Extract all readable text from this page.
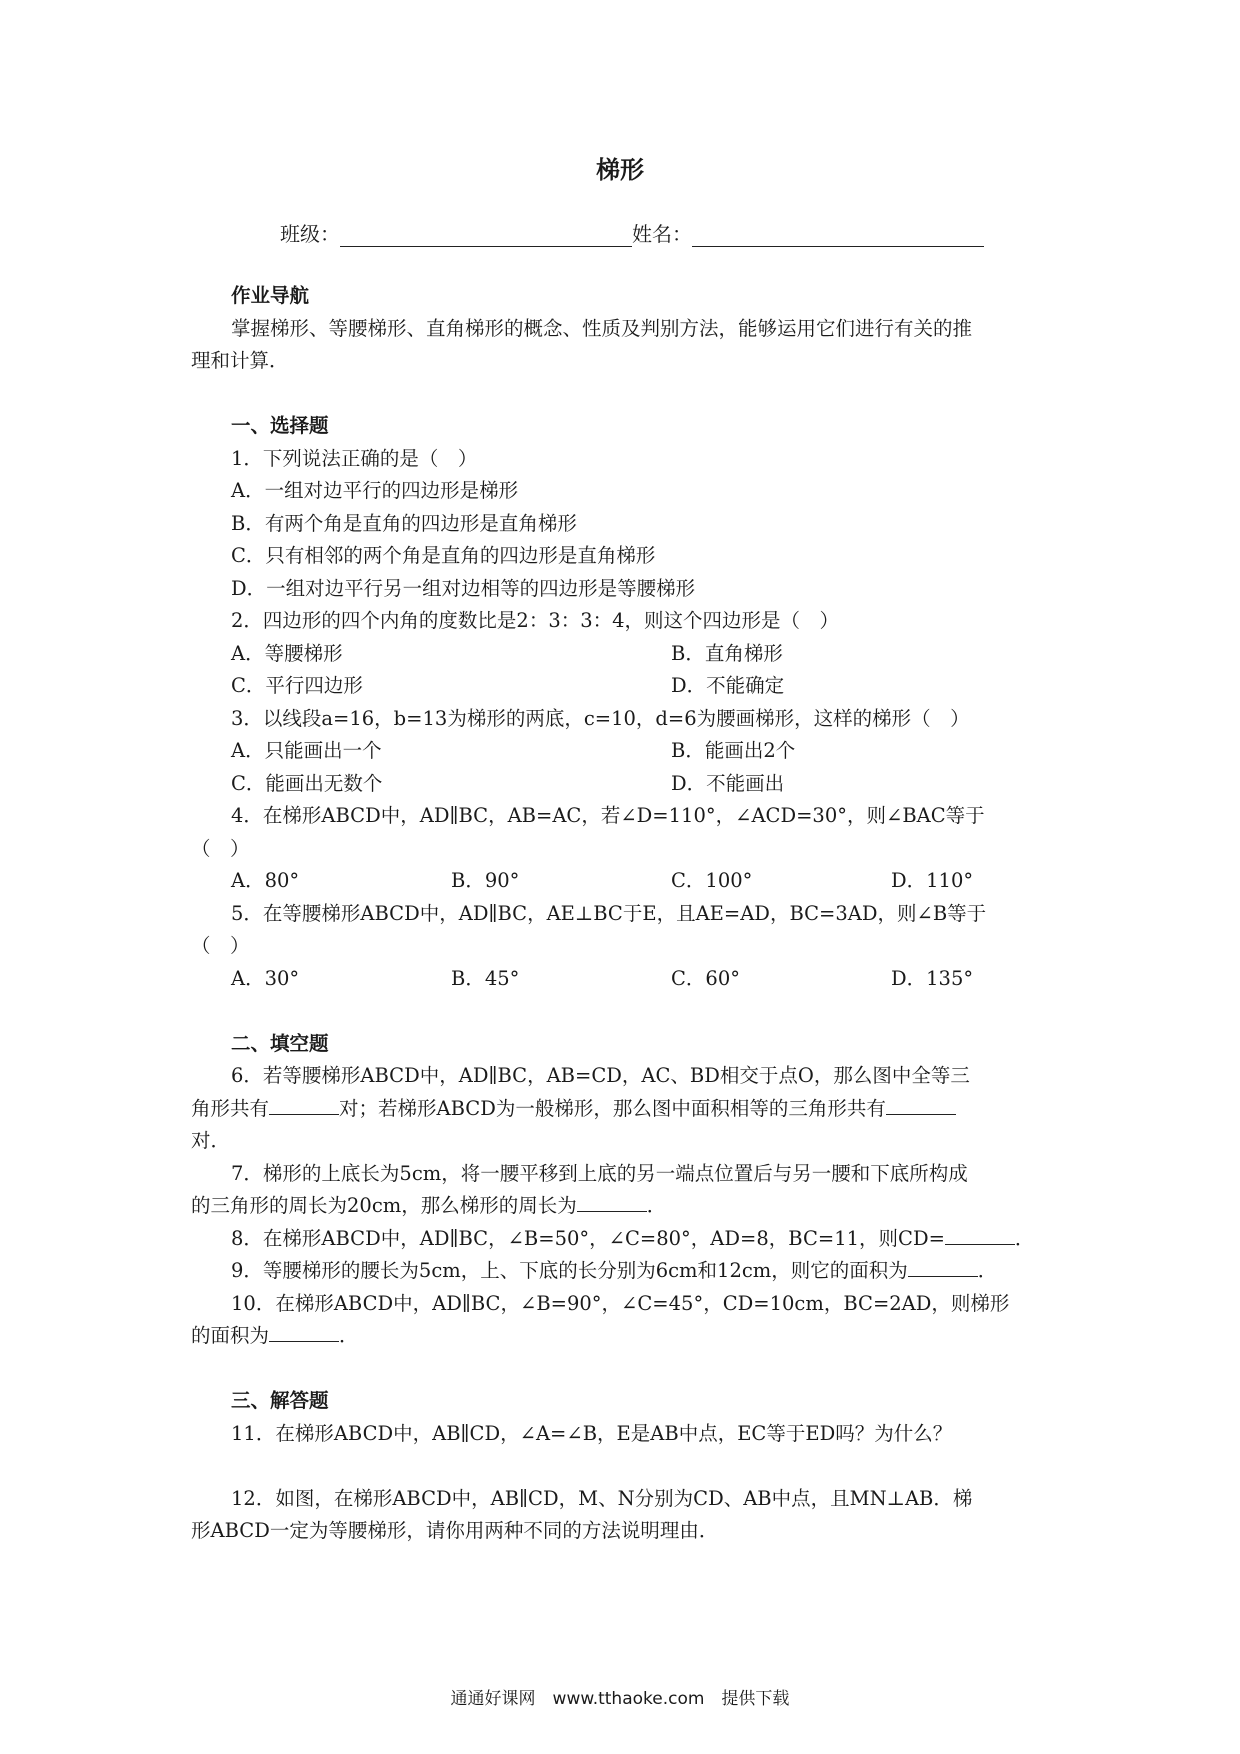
梯形
班级：	姓名：

作业导航

掌握梯形、等腰梯形、直角梯形的概念、性质及判别方法，能够运用它们进行有关的推

理和计算．

一、选择题

1．下列说法正确的是（　）

A．一组对边平行的四边形是梯形

B．有两个角是直角的四边形是直角梯形

C．只有相邻的两个角是直角的四边形是直角梯形

D．一组对边平行另一组对边相等的四边形是等腰梯形

2．四边形的四个内角的度数比是2：3：3：4，则这个四边形是（　）

A．等腰梯形	B．直角梯形
C．平行四边形	D．不能确定

3．以线段a=16，b=13为梯形的两底，c=10，d=6为腰画梯形，这样的梯形（　）

A．只能画出一个	B．能画出2个
C．能画出无数个	D．不能画出

4．在梯形ABCD中，AD∥BC，AB=AC，若∠D=110°，∠ACD=30°，则∠BAC等于

（　）

A．80°	B．90°	C．100°	D．110°

5．在等腰梯形ABCD中，AD∥BC，AE⊥BC于E，且AE=AD，BC=3AD，则∠B等于

（　）

A．30°	B．45°	C．60°	D．135°

二、填空题

6．若等腰梯形ABCD中，AD∥BC，AB=CD，AC、BD相交于点O，那么图中全等三

角形共有	对；若梯形ABCD为一般梯形，那么图中面积相等的三角形共有

对．

7．梯形的上底长为5cm，将一腰平移到上底的另一端点位置后与另一腰和下底所构成

的三角形的周长为20cm，那么梯形的周长为	．

8．在梯形ABCD中，AD∥BC，∠B=50°，∠C=80°，AD=8，BC=11，则CD=	．

9．等腰梯形的腰长为5cm，上、下底的长分别为6cm和12cm，则它的面积为	．

10．在梯形ABCD中，AD∥BC，∠B=90°，∠C=45°，CD=10cm，BC=2AD，则梯形

的面积为	．

三、解答题

11．在梯形ABCD中，AB∥CD，∠A=∠B，E是AB中点，EC等于ED吗？为什么？

12．如图，在梯形ABCD中，AB∥CD，M、N分别为CD、AB中点，且MN⊥AB．梯

形ABCD一定为等腰梯形，请你用两种不同的方法说明理由．

通通好课网　www.tthaoke.com　提供下载
